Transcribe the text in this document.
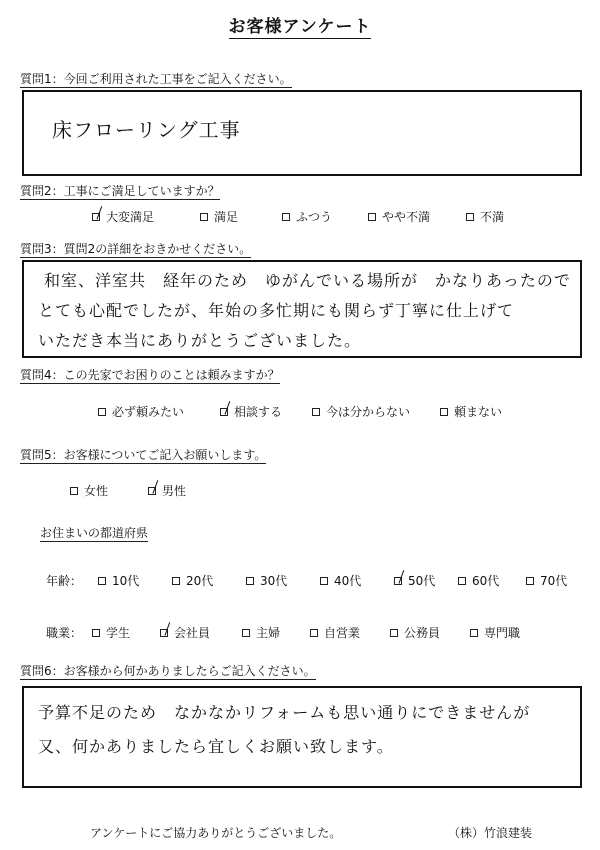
お客様アンケート
質問1：今回ご利用された工事をご記入ください。
床フローリング工事
質問2：工事にご満足していますか？
大変満足	満足	ふつう	やや不満	不満
質問3：質問2の詳細をおきかせください。
和室、洋室共　経年のため　ゆがんでいる場所が　かなりあったので
とても心配でしたが、年始の多忙期にも関らず丁寧に仕上げて
いただき本当にありがとうございました。
質問4：この先家でお困りのことは頼みますか？
必ず頼みたい	相談する	今は分からない	頼まない
質問5：お客様についてご記入お願いします。
女性	男性
お住まいの都道府県
年齢： 10代	20代	30代	40代	50代	60代	70代
職業： 学生	会社員	主婦	自営業	公務員	専門職
質問6：お客様から何かありましたらご記入ください。
予算不足のため　なかなかリフォームも思い通りにできませんが
又、何かありましたら宜しくお願い致します。
アンケートにご協力ありがとうございました。	（株）竹浪建装
